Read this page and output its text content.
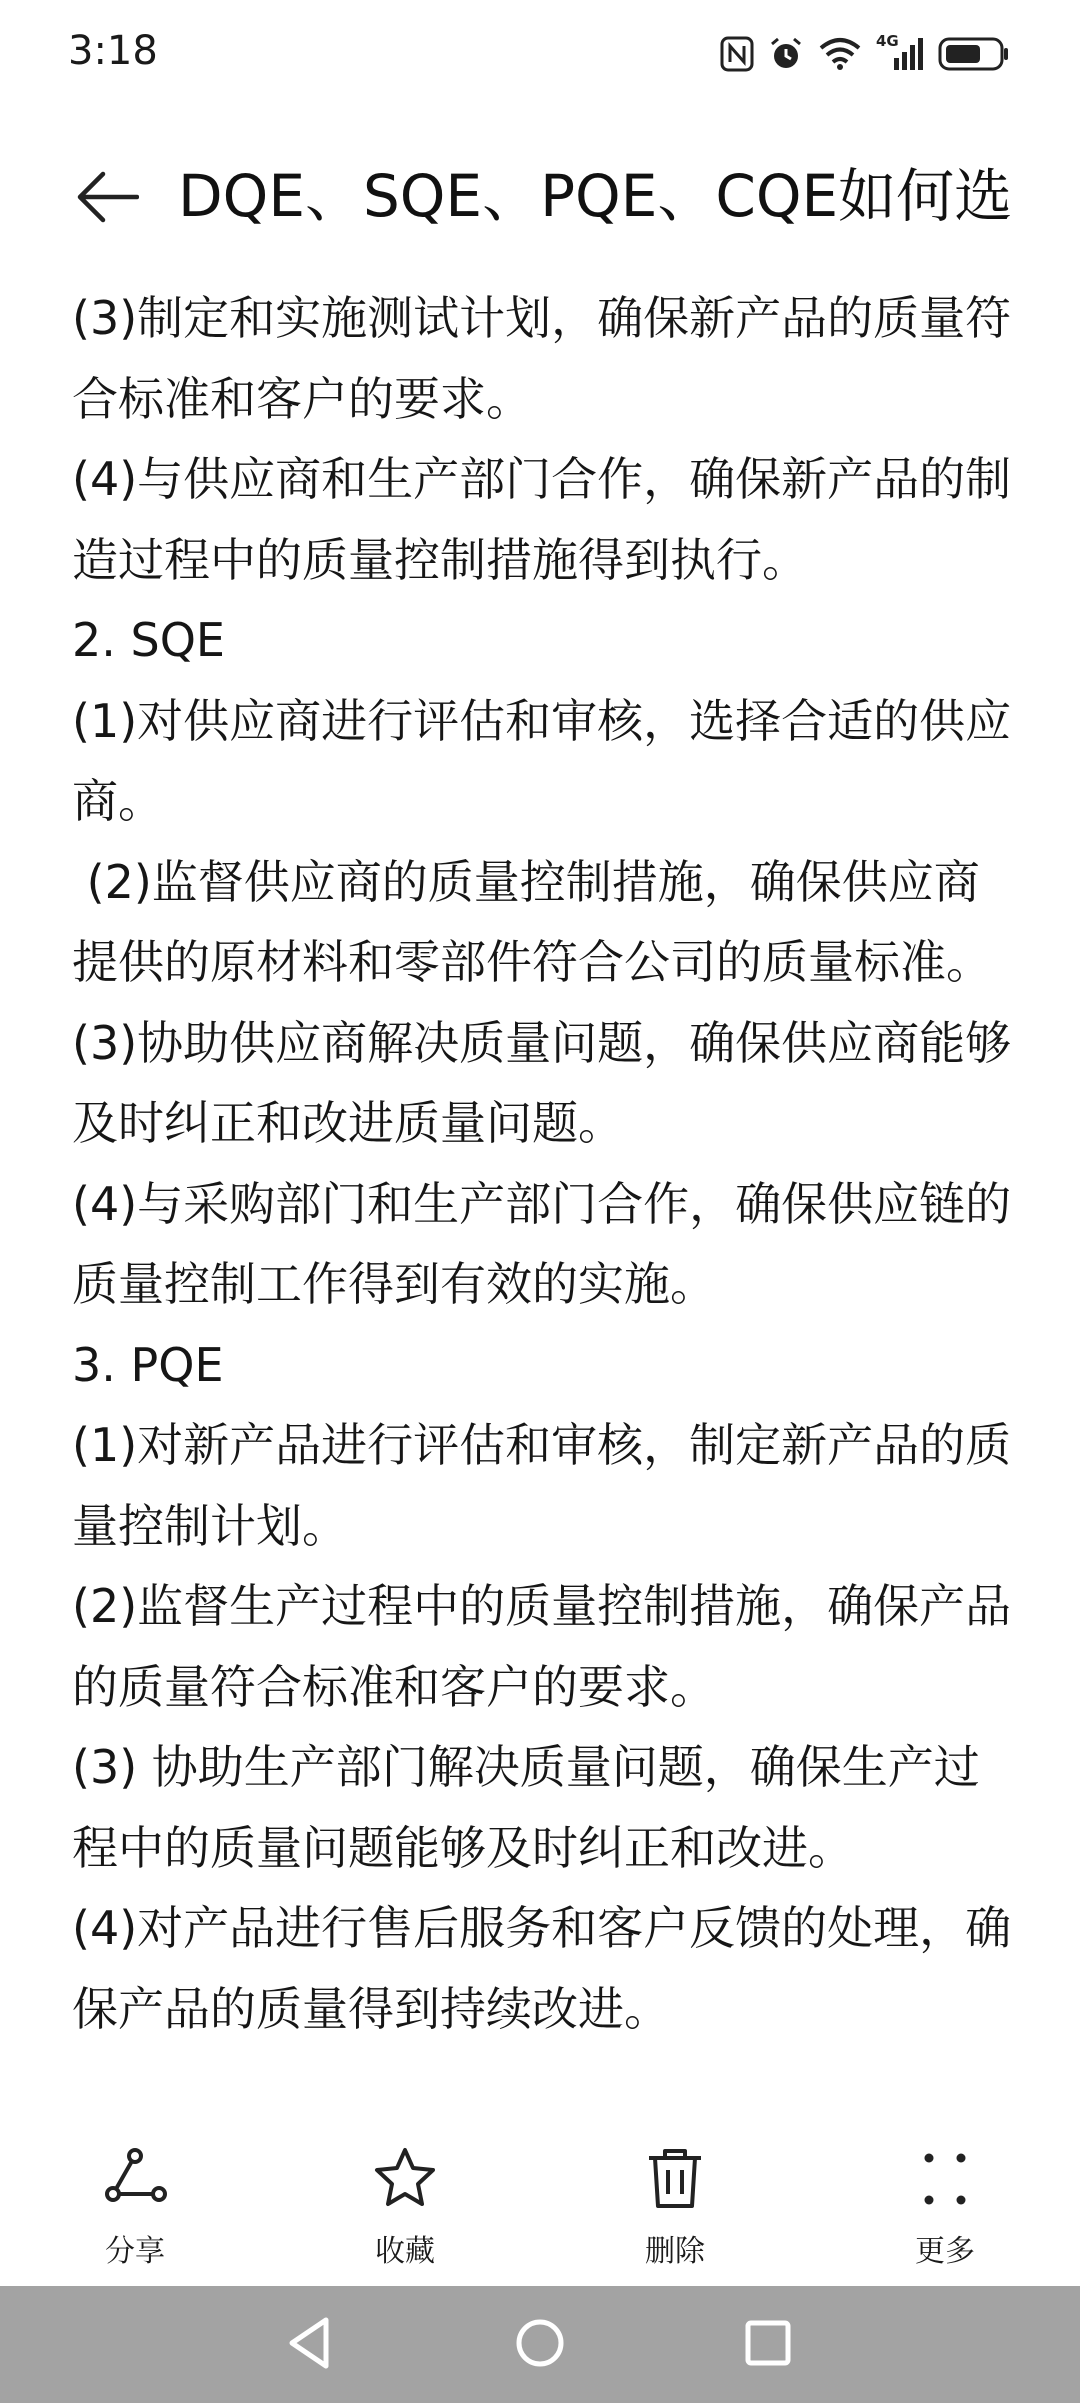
3:18	4G
DQE、SQE、PQE、CQE如何选

(3)制定和实施测试计划，确保新产品的质量符合标准和客户的要求。

(4)与供应商和生产部门合作，确保新产品的制造过程中的质量控制措施得到执行。

2. SQE

(1)对供应商进行评估和审核，选择合适的供应商。

(2)监督供应商的质量控制措施，确保供应商提供的原材料和零部件符合公司的质量标准。

(3)协助供应商解决质量问题，确保供应商能够及时纠正和改进质量问题。

(4)与采购部门和生产部门合作，确保供应链的质量控制工作得到有效的实施。

3. PQE

(1)对新产品进行评估和审核，制定新产品的质量控制计划。

(2)监督生产过程中的质量控制措施，确保产品的质量符合标准和客户的要求。

(3) 协助生产部门解决质量问题，确保生产过程中的质量问题能够及时纠正和改进。

(4)对产品进行售后服务和客户反馈的处理，确保产品的质量得到持续改进。

分享	收藏	删除	更多
